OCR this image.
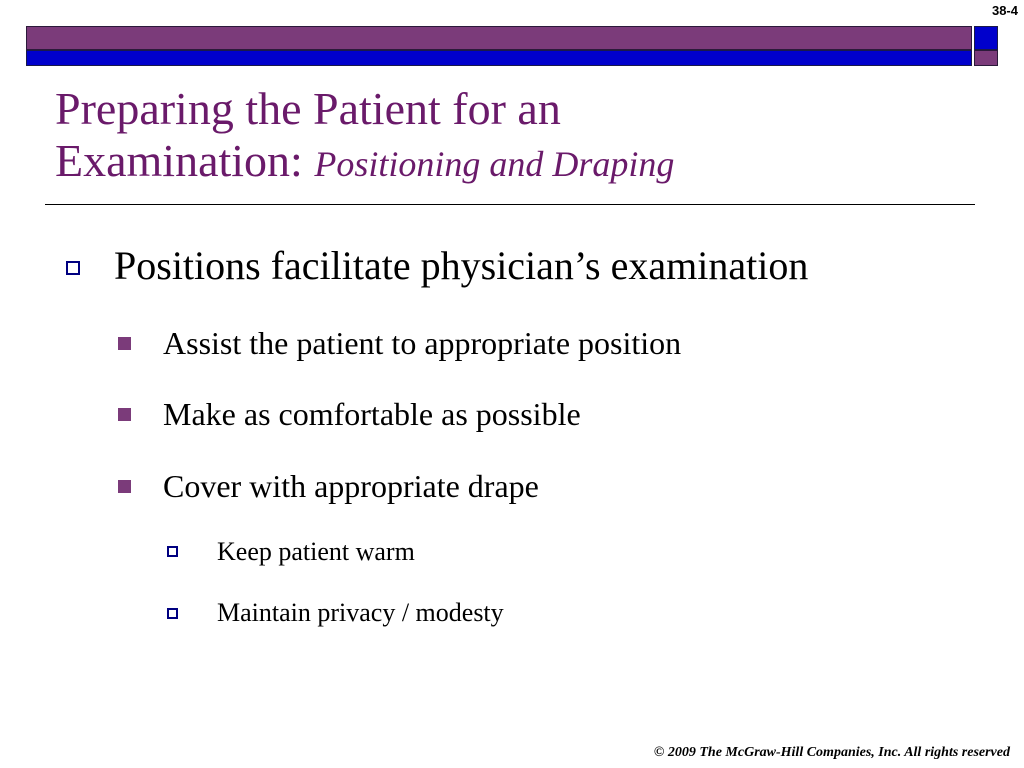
38-4
Preparing the Patient for an
Examination: Positioning and Draping
Positions facilitate physician’s examination
Assist the patient to appropriate position
Make as comfortable as possible
Cover with appropriate drape
Keep patient warm
Maintain privacy / modesty
© 2009 The McGraw-Hill Companies, Inc. All rights reserved
